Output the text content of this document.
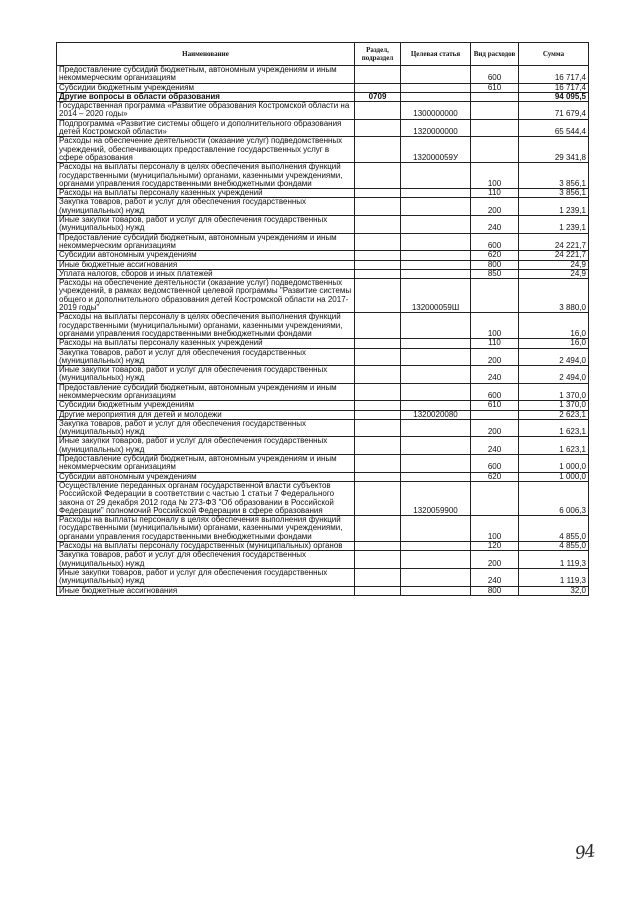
Наименование	Раздел, подраздел	Целевая статья	Вид расходов	Сумма
Предоставление субсидий бюджетным, автономным учреждениям и иным некоммерческим организациям			600	16 717,4
Субсидии бюджетным учреждениям			610	16 717,4
Другие вопросы в области образования	0709			94 095,5
Государственная программа «Развитие образования Костромской области на 2014 – 2020 годы»		1300000000		71 679,4
Подпрограмма «Развитие системы общего и дополнительного образования детей Костромской области»		1320000000		65 544,4
Расходы на обеспечение деятельности (оказание услуг) подведомственных учреждений, обеспечивающих предоставление государственных услуг в сфере образования		132000059У		29 341,8
Расходы на выплаты персоналу в целях обеспечения выполнения функций государственными (муниципальными) органами, казенными учреждениями, органами управления государственными внебюджетными фондами			100	3 856,1
Расходы на выплаты персоналу казенных учреждений			110	3 856,1
Закупка товаров, работ и услуг для обеспечения государственных (муниципальных) нужд			200	1 239,1
Иные закупки товаров, работ и услуг для обеспечения государственных (муниципальных) нужд			240	1 239,1
Предоставление субсидий бюджетным, автономным учреждениям и иным некоммерческим организациям			600	24 221,7
Субсидии автономным учреждениям			620	24 221,7
Иные бюджетные ассигнования			800	24,9
Уплата налогов, сборов и иных платежей			850	24,9
Расходы на обеспечение деятельности (оказание услуг) подведомственных учреждений, в рамках ведомственной целевой программы "Развитие системы общего и дополнительного образования детей Костромской области на 2017-2019 годы"		132000059Ш		3 880,0
Расходы на выплаты персоналу в целях обеспечения выполнения функций государственными (муниципальными) органами, казенными учреждениями, органами управления государственными внебюджетными фондами			100	16,0
Расходы на выплаты персоналу казенных учреждений			110	16,0
Закупка товаров, работ и услуг для обеспечения государственных (муниципальных) нужд			200	2 494,0
Иные закупки товаров, работ и услуг для обеспечения государственных (муниципальных) нужд			240	2 494,0
Предоставление субсидий бюджетным, автономным учреждениям и иным некоммерческим организациям			600	1 370,0
Субсидии бюджетным учреждениям			610	1 370,0
Другие мероприятия для детей и молодежи		1320020080		2 623,1
Закупка товаров, работ и услуг для обеспечения государственных (муниципальных) нужд			200	1 623,1
Иные закупки товаров, работ и услуг для обеспечения государственных (муниципальных) нужд			240	1 623,1
Предоставление субсидий бюджетным, автономным учреждениям и иным некоммерческим организациям			600	1 000,0
Субсидии автономным учреждениям			620	1 000,0
Осуществление переданных органам государственной власти субъектов Российской Федерации в соответствии с частью 1 статьи 7 Федерального закона от 29 декабря 2012 года № 273-ФЗ "Об образовании в Российской Федерации" полномочий Российской Федерации в сфере образования		1320059900		6 006,3
Расходы на выплаты персоналу в целях обеспечения выполнения функций государственными (муниципальными) органами, казенными учреждениями, органами управления государственными внебюджетными фондами			100	4 855,0
Расходы на выплаты персоналу государственных (муниципальных) органов			120	4 855,0
Закупка товаров, работ и услуг для обеспечения государственных (муниципальных) нужд			200	1 119,3
Иные закупки товаров, работ и услуг для обеспечения государственных (муниципальных) нужд			240	1 119,3
Иные бюджетные ассигнования			800	32,0
94
